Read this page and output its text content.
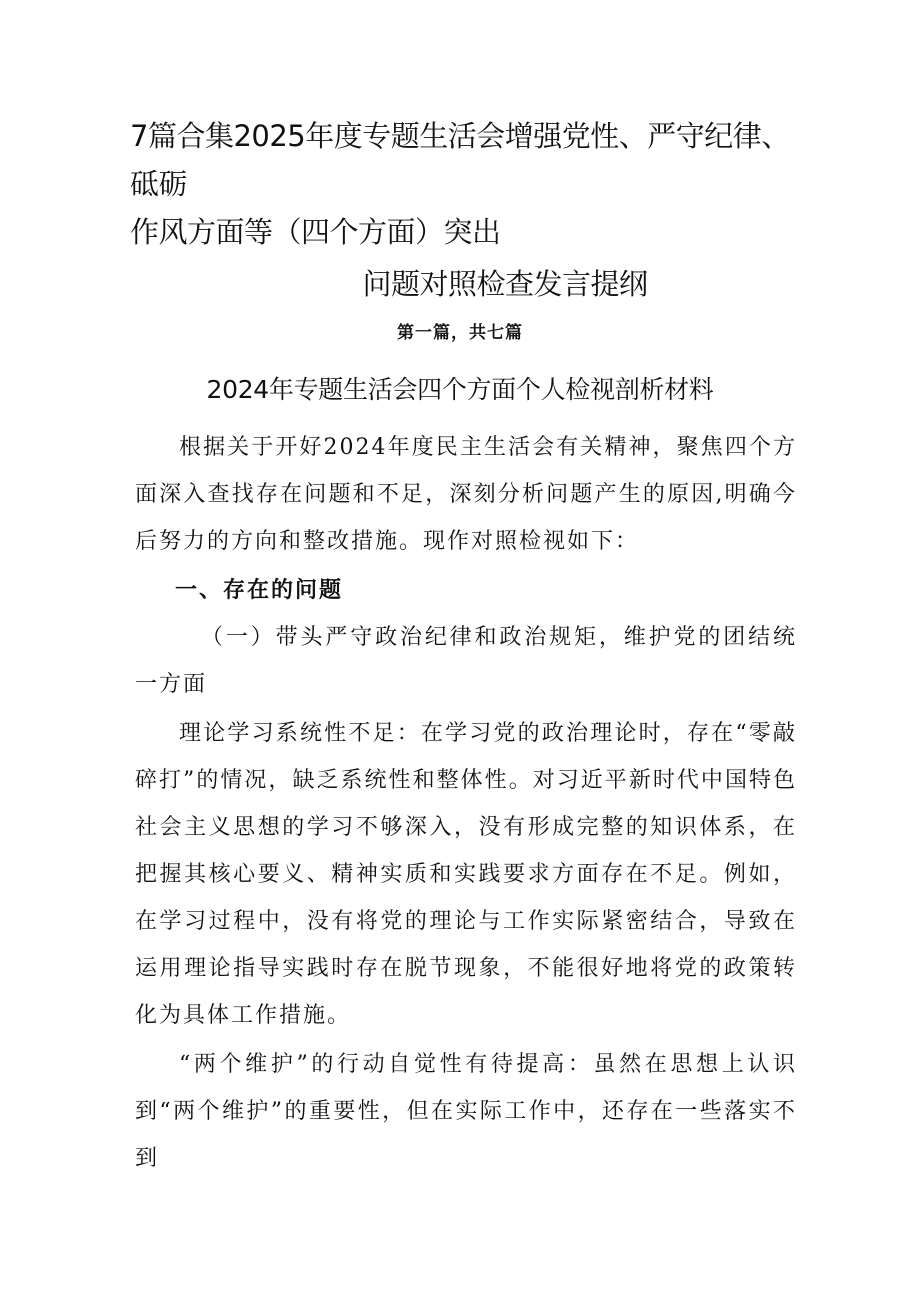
7篇合集2025年度专题生活会增强党性、严守纪律、砥砺
作风方面等（四个方面）突出
问题对照检查发言提纲
第一篇，共七篇
2024年专题生活会四个方面个人检视剖析材料

根据关于开好2024年度民主生活会有关精神，聚焦四个方面深入查找存在问题和不足，深刻分析问题产生的原因,明确今后努力的方向和整改措施。现作对照检视如下：

一、存在的问题

（一）带头严守政治纪律和政治规矩，维护党的团结统一方面

理论学习系统性不足：在学习党的政治理论时，存在“零敲碎打”的情况，缺乏系统性和整体性。对习近平新时代中国特色社会主义思想的学习不够深入，没有形成完整的知识体系，在把握其核心要义、精神实质和实践要求方面存在不足。例如，在学习过程中，没有将党的理论与工作实际紧密结合，导致在运用理论指导实践时存在脱节现象，不能很好地将党的政策转化为具体工作措施。

“两个维护”的行动自觉性有待提高：虽然在思想上认识到“两个维护”的重要性，但在实际工作中，还存在一些落实不到
